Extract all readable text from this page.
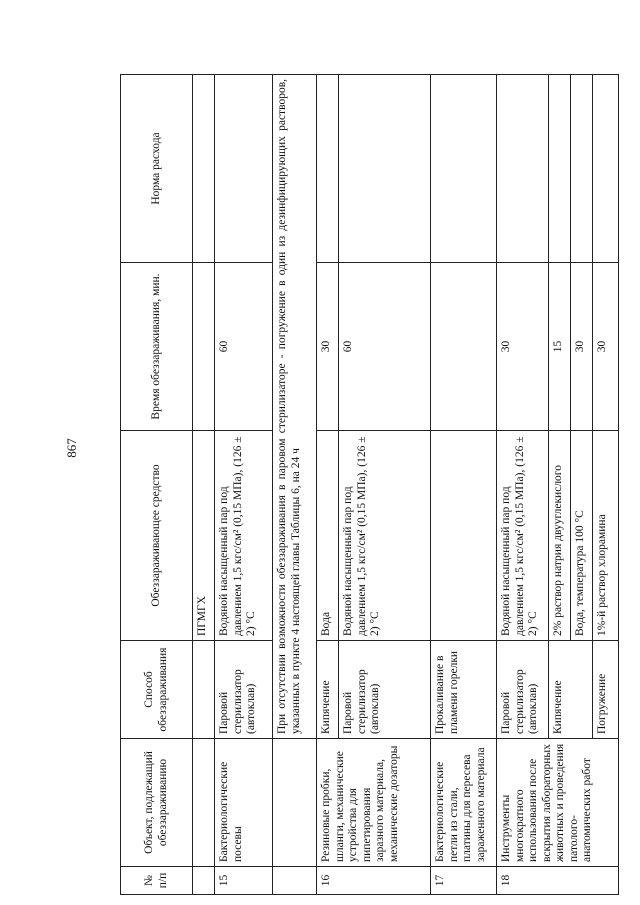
867
№ п/п	Объект, подлежащий обеззараживанию	Способ обеззараживания	Обеззараживающее средство	Время обеззараживания, мин.	Норма расхода
			ПГМГХ		
15	Бактериологические посевы	Паровой стерилизатор (автоклав)	Водяной насыщенный пар под давлением 1,5 кгс/см² (0,15 МПа), (126 ± 2) °С	60	
		При отсутствии возможности обеззараживания в паровом стерилизаторе - погружение в один из дезинфицирующих растворов, указанных в пункте 4 настоящей главы Таблицы 6, на 24 ч			
16	Резиновые пробки, шланги, механические устройства для пипетирования заразного материала, механические дозаторы	Кипячение	Вода	30	
		Паровой стерилизатор (автоклав)	Водяной насыщенный пар под давлением 1,5 кгс/см² (0,15 МПа), (126 ± 2) °С	60	
17	Бактериологические петли из стали, платины для пересева зараженного материала	Прокаливание в пламени горелки			
18	Инструменты многократного использования после вскрытия лабораторных животных и проведения патолого-анатомических работ	Паровой стерилизатор (автоклав)	Водяной насыщенный пар под давлением 1,5 кгс/см² (0,15 МПа), (126 ± 2) °С	30	
		Кипячение	2% раствор натрия двууглекислого	15	
			Вода, температура 100 °С	30	
		Погружение	1%-й раствор хлорамина	30	
